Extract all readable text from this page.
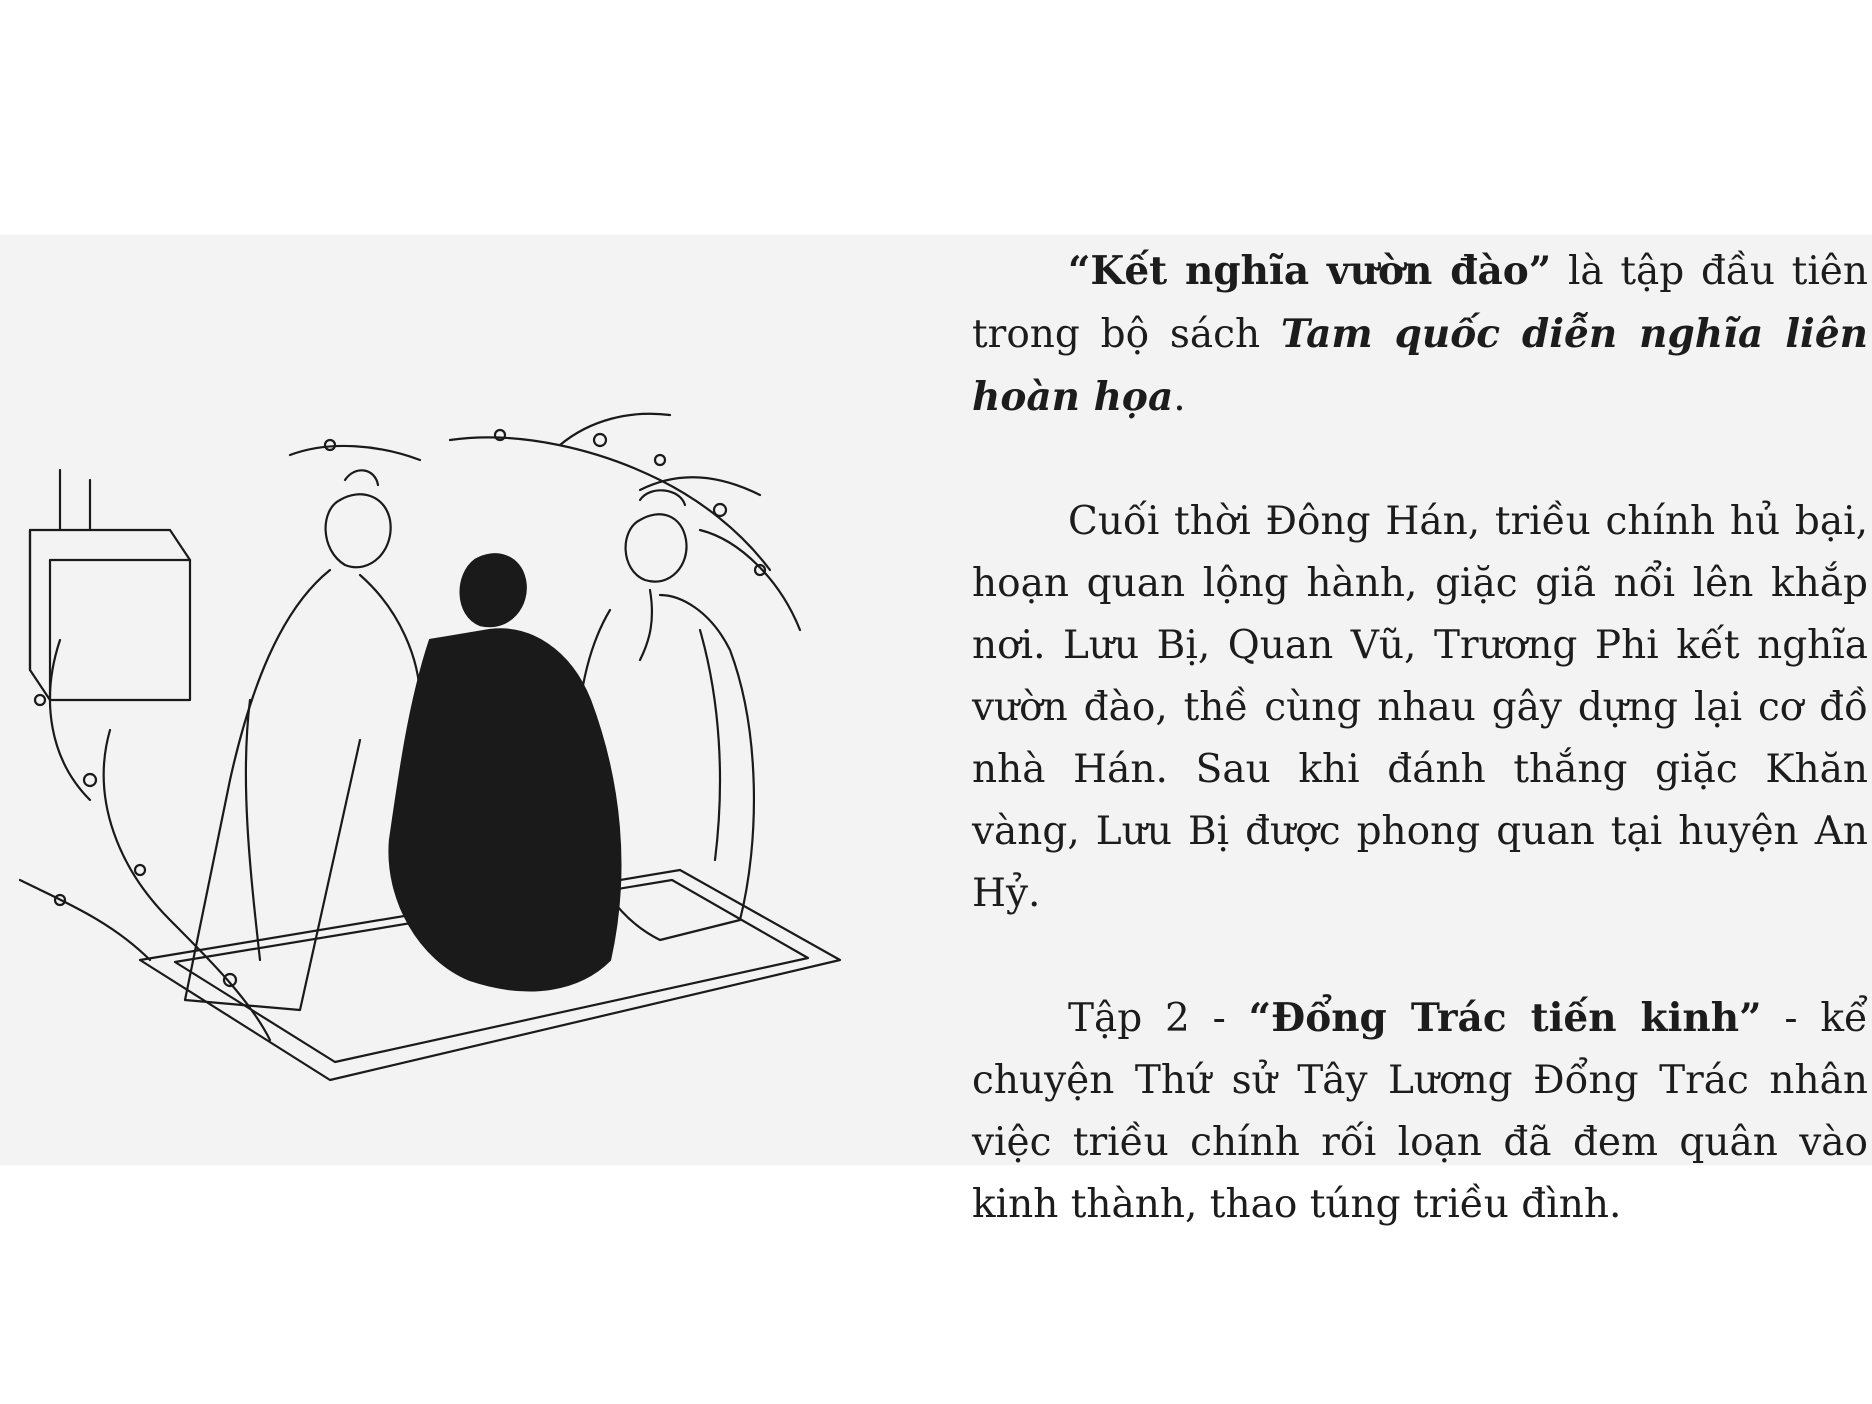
“Kết nghĩa vườn đào” là tập đầu tiên trong bộ sách Tam quốc diễn nghĩa liên hoàn họa.

Cuối thời Đông Hán, triều chính hủ bại, hoạn quan lộng hành, giặc giã nổi lên khắp nơi. Lưu Bị, Quan Vũ, Trương Phi kết nghĩa vườn đào, thề cùng nhau gây dựng lại cơ đồ nhà Hán. Sau khi đánh thắng giặc Khăn vàng, Lưu Bị được phong quan tại huyện An Hỷ.

Tập 2 - “Đổng Trác tiến kinh” - kể chuyện Thứ sử Tây Lương Đổng Trác nhân việc triều chính rối loạn đã đem quân vào kinh thành, thao túng triều đình.
